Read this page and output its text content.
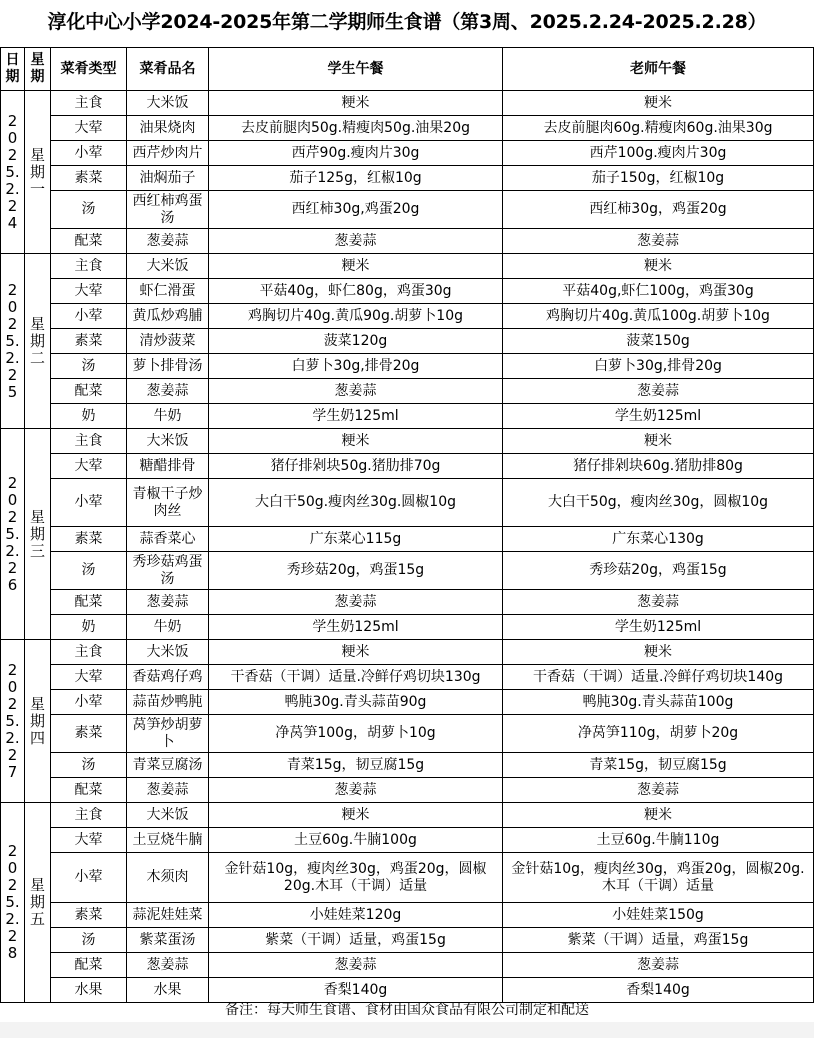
淳化中心小学2024-2025年第二学期师生食谱（第3周、2025.2.24-2025.2.28）
日期	星期	菜肴类型	菜肴品名	学生午餐	老师午餐
2025.2.24	星期一	主食	大米饭	粳米	粳米

		大荤	油果烧肉	去皮前腿肉50g.精瘦肉50g.油果20g	去皮前腿肉60g.精瘦肉60g.油果30g

		小荤	西芹炒肉片	西芹90g.瘦肉片30g	西芹100g.瘦肉片30g

		素菜	油焖茄子	茄子125g，红椒10g	茄子150g，红椒10g

		汤	西红柿鸡蛋汤	西红柿30g,鸡蛋20g	西红柿30g，鸡蛋20g

		配菜	葱姜蒜	葱姜蒜	葱姜蒜

2025.2.25	星期二	主食	大米饭	粳米	粳米

		大荤	虾仁滑蛋	平菇40g，虾仁80g，鸡蛋30g	平菇40g,虾仁100g，鸡蛋30g

		小荤	黄瓜炒鸡脯	鸡胸切片40g.黄瓜90g.胡萝卜10g	鸡胸切片40g.黄瓜100g.胡萝卜10g

		素菜	清炒菠菜	菠菜120g	菠菜150g

		汤	萝卜排骨汤	白萝卜30g,排骨20g	白萝卜30g,排骨20g

		配菜	葱姜蒜	葱姜蒜	葱姜蒜

		奶	牛奶	学生奶125ml	学生奶125ml

2025.2.26	星期三	主食	大米饭	粳米	粳米

		大荤	糖醋排骨	猪仔排剁块50g.猪肋排70g	猪仔排剁块60g.猪肋排80g

		小荤	青椒干子炒肉丝	大白干50g.瘦肉丝30g.圆椒10g	大白干50g，瘦肉丝30g，圆椒10g

		素菜	蒜香菜心	广东菜心115g	广东菜心130g

		汤	秀珍菇鸡蛋汤	秀珍菇20g，鸡蛋15g	秀珍菇20g，鸡蛋15g

		配菜	葱姜蒜	葱姜蒜	葱姜蒜

		奶	牛奶	学生奶125ml	学生奶125ml

2025.2.27	星期四	主食	大米饭	粳米	粳米

		大荤	香菇鸡仔鸡	干香菇（干调）适量.冷鲜仔鸡切块130g	干香菇（干调）适量.冷鲜仔鸡切块140g

		小荤	蒜苗炒鸭肫	鸭肫30g.青头蒜苗90g	鸭肫30g.青头蒜苗100g

		素菜	莴笋炒胡萝卜	净莴笋100g，胡萝卜10g	净莴笋110g，胡萝卜20g

		汤	青菜豆腐汤	青菜15g，韧豆腐15g	青菜15g，韧豆腐15g

		配菜	葱姜蒜	葱姜蒜	葱姜蒜

2025.2.28	星期五	主食	大米饭	粳米	粳米

		大荤	土豆烧牛腩	土豆60g.牛腩100g	土豆60g.牛腩110g

		小荤	木须肉	金针菇10g，瘦肉丝30g，鸡蛋20g，圆椒20g.木耳（干调）适量	金针菇10g，瘦肉丝30g，鸡蛋20g，圆椒20g.木耳（干调）适量

		素菜	蒜泥娃娃菜	小娃娃菜120g	小娃娃菜150g

		汤	紫菜蛋汤	紫菜（干调）适量，鸡蛋15g	紫菜（干调）适量，鸡蛋15g

		配菜	葱姜蒜	葱姜蒜	葱姜蒜

		水果	水果	香梨140g	香梨140g
备注：每天师生食谱、食材由国众食品有限公司制定和配送
